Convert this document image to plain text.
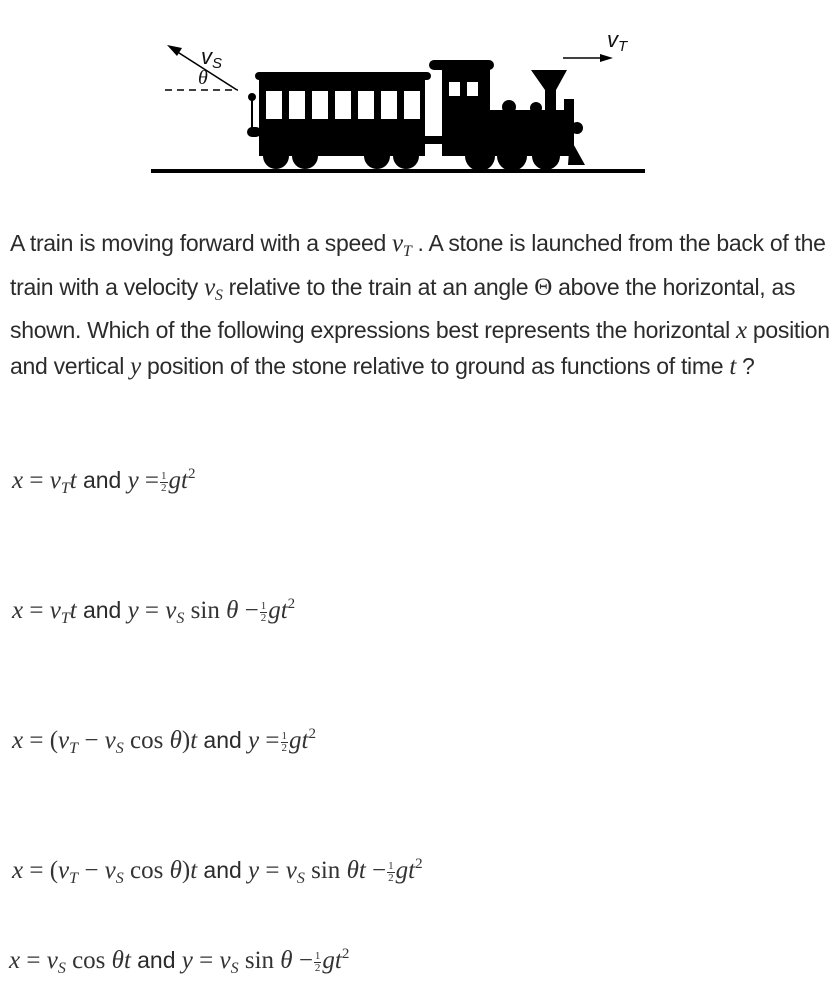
$v_S$
θ
$v_T$
A train is moving forward with a speed $v_T$ . A stone is launched from the back of the train with a velocity $v_S$ relative to the train at an angle Θ above the horizontal, as shown. Which of the following expressions best represents the horizontal x position and vertical y position of the stone relative to ground as functions of time t ?
$x = v_Tt$ and $y = \frac{1}{2} gt^2$
$x = v_Tt$ and $y = v_S$ $\sin \theta - \frac{1}{2} gt^2$
$x = (v_T - v_S$ cos θ)t and $y = \frac{1}{2} gt^2$
$x = (v_T - v_S$ cos θ)t and $y = v_S$ $\sin \theta t - \frac{1}{2} gt^2$
$x = v_S$ cos θt and $y = v_S$ $\sin \theta - \frac{1}{2} gt^2$
